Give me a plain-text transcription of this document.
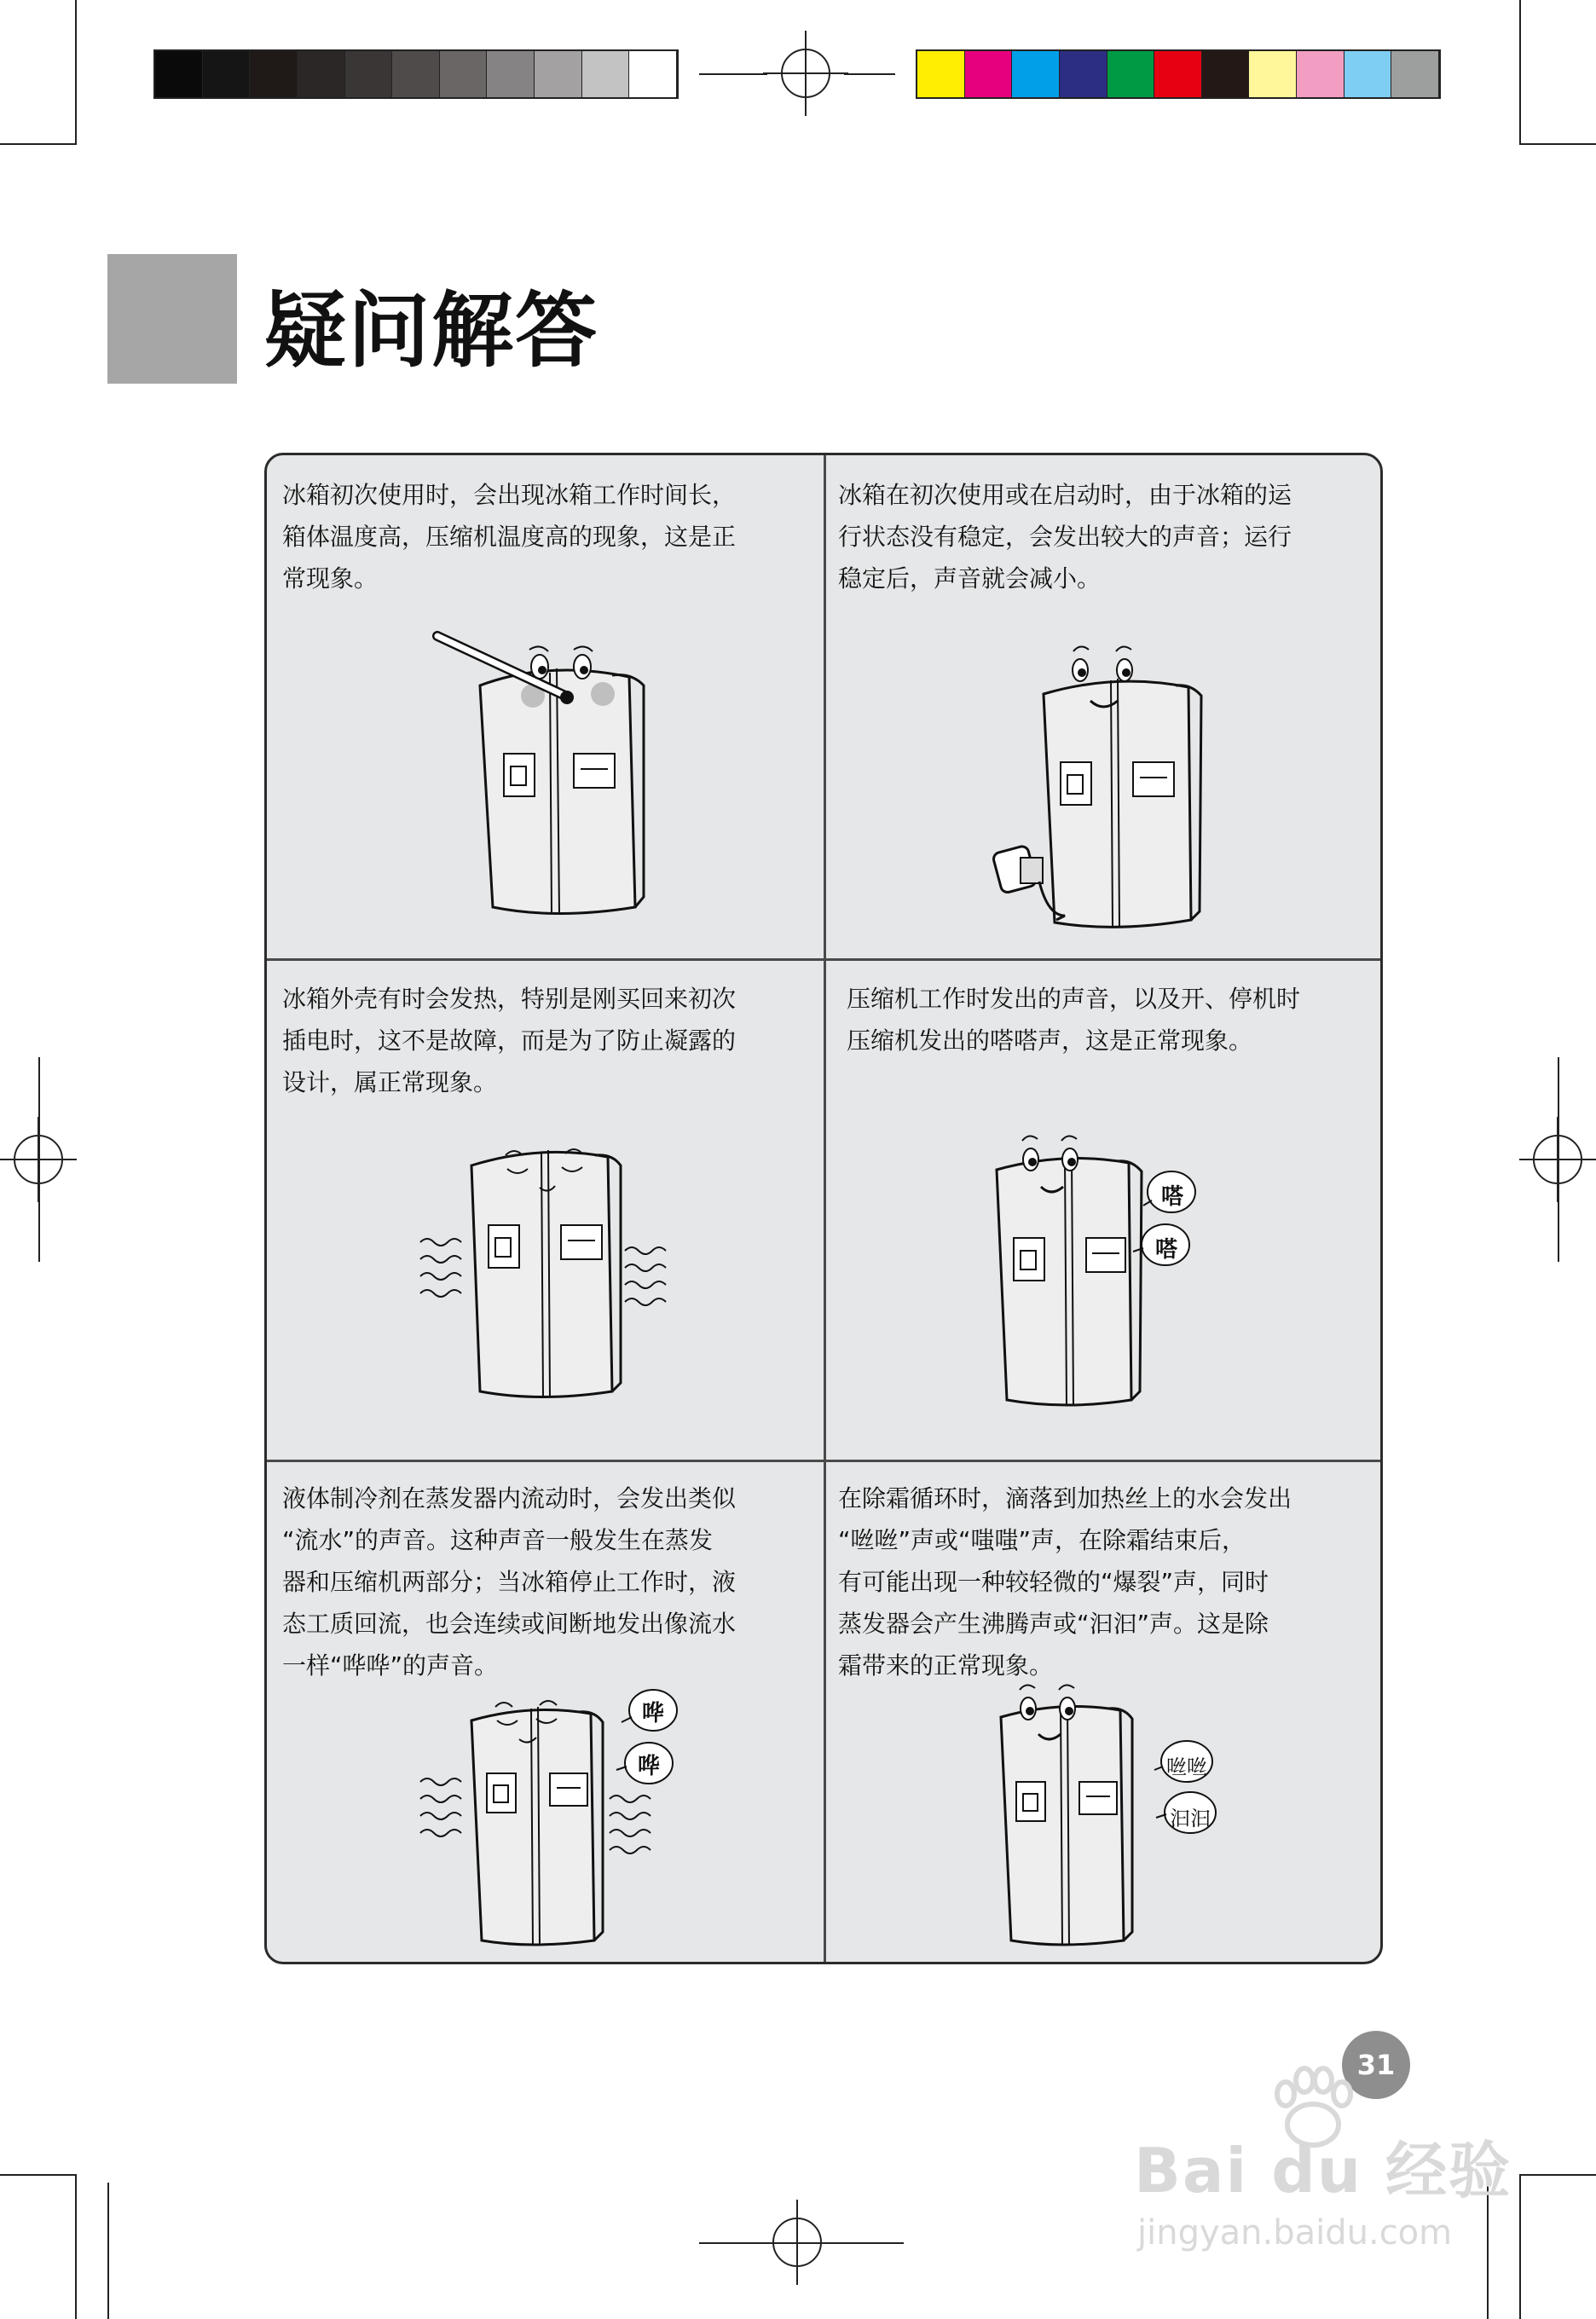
疑问解答
冰箱初次使用时，会出现冰箱工作时间长，
箱体温度高，压缩机温度高的现象，这是正
常现象。
冰箱在初次使用或在启动时，由于冰箱的运
行状态没有稳定，会发出较大的声音；运行
稳定后，声音就会减小。
冰箱外壳有时会发热，特别是刚买回来初次
插电时，这不是故障，而是为了防止凝露的
设计，属正常现象。
压缩机工作时发出的声音，以及开、停机时
压缩机发出的嗒嗒声，这是正常现象。
嗒
嗒
液体制冷剂在蒸发器内流动时，会发出类似
“流水”的声音。这种声音一般发生在蒸发
器和压缩机两部分；当冰箱停止工作时，液
态工质回流，也会连续或间断地发出像流水
一样“哗哗”的声音。
哗
哗
在除霜循环时，滴落到加热丝上的水会发出
“咝咝”声或“嗤嗤”声，在除霜结束后，
有可能出现一种较轻微的“爆裂”声，同时
蒸发器会产生沸腾声或“汩汩”声。这是除
霜带来的正常现象。
咝咝
汩汩
31
Bai du 经验
jingyan.baidu.com
